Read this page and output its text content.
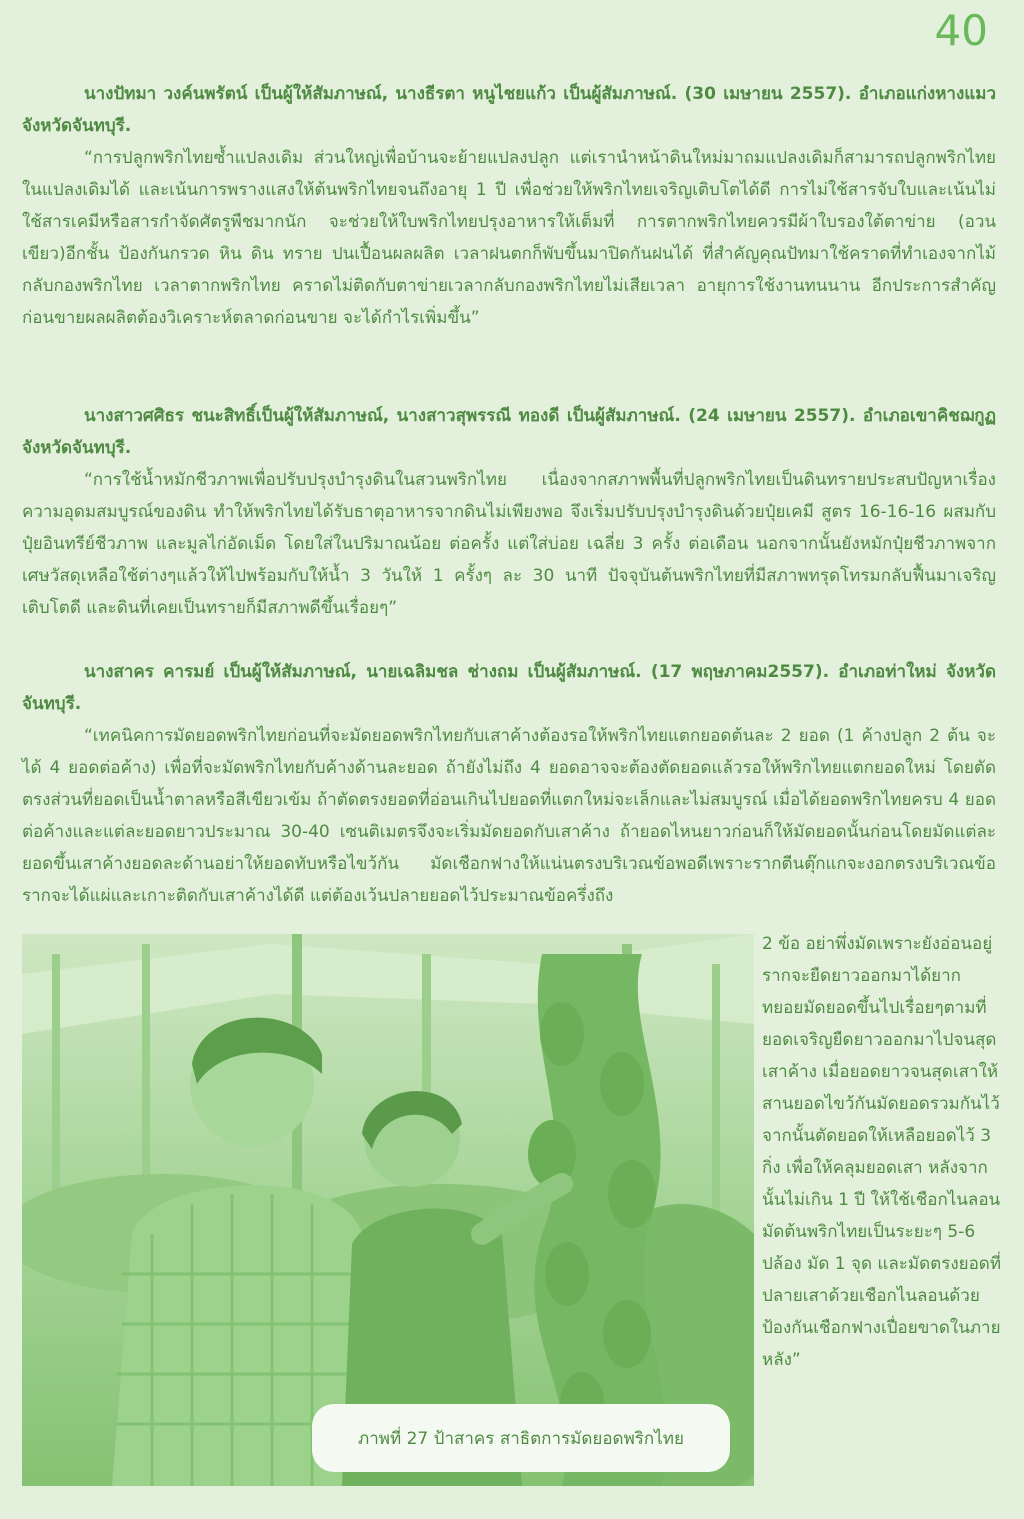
40

นางปัทมา วงค์นพรัตน์ เป็นผู้ให้สัมภาษณ์, นางธีรตา หนูไชยแก้ว เป็นผู้สัมภาษณ์. (30 เมษายน 2557). อำเภอแก่งหางแมว จังหวัดจันทบุรี.

“การปลูกพริกไทยซ้ำแปลงเดิม ส่วนใหญ่เพื่อบ้านจะย้ายแปลงปลูก แต่เรานำหน้าดินใหม่มาถมแปลงเดิมก็สามารถปลูกพริกไทยในแปลงเดิมได้ และเน้นการพรางแสงให้ต้นพริกไทยจนถึงอายุ 1 ปี เพื่อช่วยให้พริกไทยเจริญเติบโตได้ดี การไม่ใช้สารจับใบและเน้นไม่ใช้สารเคมีหรือสารกำจัดศัตรูพืชมากนัก จะช่วยให้ใบพริกไทยปรุงอาหารให้เต็มที่ การตากพริกไทยควรมีผ้าใบรองใต้ตาข่าย (อวนเขียว)อีกชั้น ป้องกันกรวด หิน ดิน ทราย ปนเปื้อนผลผลิต เวลาฝนตกก็พับขึ้นมาปิดกันฝนได้ ที่สำคัญคุณปัทมาใช้คราดที่ทำเองจากไม้กลับกองพริกไทย เวลาตากพริกไทย คราดไม่ติดกับตาข่ายเวลากลับกองพริกไทยไม่เสียเวลา อายุการใช้งานทนนาน อีกประการสำคัญก่อนขายผลผลิตต้องวิเคราะห์ตลาดก่อนขาย จะได้กำไรเพิ่มขึ้น”

นางสาวศศิธร ชนะสิทธิ์เป็นผู้ให้สัมภาษณ์, นางสาวสุพรรณี ทองดี เป็นผู้สัมภาษณ์. (24 เมษายน 2557). อำเภอเขาคิชฌกูฏ จังหวัดจันทบุรี.

“การใช้น้ำหมักชีวภาพเพื่อปรับปรุงบำรุงดินในสวนพริกไทย เนื่องจากสภาพพื้นที่ปลูกพริกไทยเป็นดินทรายประสบปัญหาเรื่องความอุดมสมบูรณ์ของดิน ทำให้พริกไทยได้รับธาตุอาหารจากดินไม่เพียงพอ จึงเริ่มปรับปรุงบำรุงดินด้วยปุ๋ยเคมี สูตร 16-16-16 ผสมกับปุ๋ยอินทรีย์ชีวภาพ และมูลไก่อัดเม็ด โดยใส่ในปริมาณน้อย ต่อครั้ง แต่ใส่บ่อย เฉลี่ย 3 ครั้ง ต่อเดือน นอกจากนั้นยังหมักปุ๋ยชีวภาพจากเศษวัสดุเหลือใช้ต่างๆแล้วให้ไปพร้อมกับให้น้ำ 3 วันให้ 1 ครั้งๆ ละ 30 นาที ปัจจุบันต้นพริกไทยที่มีสภาพทรุดโทรมกลับฟื้นมาเจริญเติบโตดี และดินที่เคยเป็นทรายก็มีสภาพดีขึ้นเรื่อยๆ”

นางสาคร คารมย์ เป็นผู้ให้สัมภาษณ์, นายเฉลิมชล ช่างถม เป็นผู้สัมภาษณ์. (17 พฤษภาคม2557). อำเภอท่าใหม่ จังหวัดจันทบุรี.

“เทคนิคการมัดยอดพริกไทยก่อนที่จะมัดยอดพริกไทยกับเสาค้างต้องรอให้พริกไทยแตกยอดต้นละ 2 ยอด (1 ค้างปลูก 2 ต้น จะได้ 4 ยอดต่อค้าง) เพื่อที่จะมัดพริกไทยกับค้างด้านละยอด ถ้ายังไม่ถึง 4 ยอดอาจจะต้องตัดยอดแล้วรอให้พริกไทยแตกยอดใหม่ โดยตัดตรงส่วนที่ยอดเป็นน้ำตาลหรือสีเขียวเข้ม ถ้าตัดตรงยอดที่อ่อนเกินไปยอดที่แตกใหม่จะเล็กและไม่สมบูรณ์ เมื่อได้ยอดพริกไทยครบ 4 ยอดต่อค้างและแต่ละยอดยาวประมาณ 30-40 เซนติเมตรจึงจะเริ่มมัดยอดกับเสาค้าง ถ้ายอดไหนยาวก่อนก็ให้มัดยอดนั้นก่อนโดยมัดแต่ละยอดขึ้นเสาค้างยอดละด้านอย่าให้ยอดทับหรือไขว้กัน มัดเชือกฟางให้แน่นตรงบริเวณข้อพอดีเพราะรากตีนตุ๊กแกจะงอกตรงบริเวณข้อรากจะได้แผ่และเกาะติดกับเสาค้างได้ดี แต่ต้องเว้นปลายยอดไว้ประมาณข้อครึ่งถึง

ภาพที่ 27 ป้าสาคร สาธิตการมัดยอดพริกไทย
2 ข้อ อย่าพึ่งมัดเพราะยังอ่อนอยู่รากจะยืดยาวออกมาได้ยากทยอยมัดยอดขึ้นไปเรื่อยๆตามที่ยอดเจริญยืดยาวออกมาไปจนสุดเสาค้าง เมื่อยอดยาวจนสุดเสาให้สานยอดไขว้กันมัดยอดรวมกันไว้ จากนั้นตัดยอดให้เหลือยอดไว้ 3 กิ่ง เพื่อให้คลุมยอดเสา หลังจากนั้นไม่เกิน 1 ปี ให้ใช้เชือกไนลอนมัดต้นพริกไทยเป็นระยะๆ 5-6 ปล้อง มัด 1 จุด และมัดตรงยอดที่ปลายเสาด้วยเชือกไนลอนด้วยป้องกันเชือกฟางเปื่อยขาดในภายหลัง”
